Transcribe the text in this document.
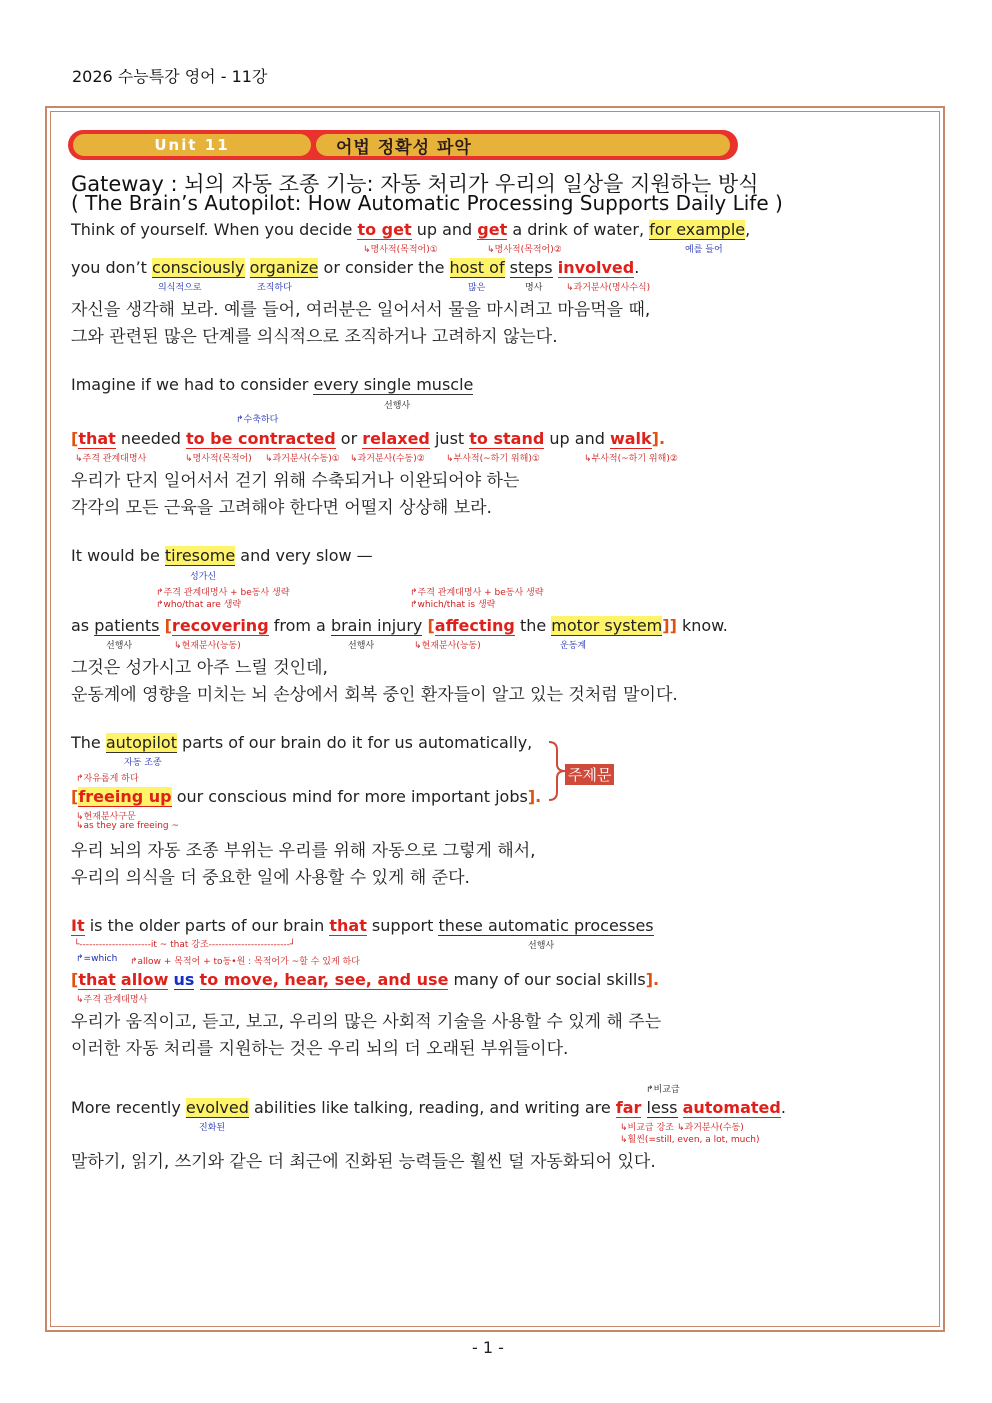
2026 수능특강 영어 - 11강
Unit 11	어법 정확성 파악
Gateway : 뇌의 자동 조종 기능: 자동 처리가 우리의 일상을 지원하는 방식
( The Brain’s Autopilot: How Automatic Processing Supports Daily Life )
Think of yourself. When you decide to get up and get a drink of water, for example,
↳명사적(목적어)①	↳명사적(목적어)②	예를 들어
you don’t consciously organize or consider the host of steps involved.
의식적으로	조직하다	많은	명사	↳과거분사(명사수식)
자신을 생각해 보라. 예를 들어, 여러분은 일어서서 물을 마시려고 마음먹을 때,
그와 관련된 많은 단계를 의식적으로 조직하거나 고려하지 않는다.
Imagine if we had to consider every single muscle
선행사
↱수축하다
[that needed to be contracted or relaxed just to stand up and walk].
↳주격 관계대명사	↳명사적(목적어) ↳과거분사(수동)① ↳과거분사(수동)② ↳부사적(~하기 위해)①	↳부사적(~하기 위해)②
우리가 단지 일어서서 걷기 위해 수축되거나 이완되어야 하는
각각의 모든 근육을 고려해야 한다면 어떨지 상상해 보라.
It would be tiresome and very slow —
성가신
↱주격 관계대명사 + be동사 생략
↱who/that are 생략
↱주격 관계대명사 + be동사 생략
↱which/that is 생략
as patients [recovering from a brain injury [affecting the motor system]] know.
선행사	↳현재분사(능동)	선행사	↳현재분사(능동)	운동계
그것은 성가시고 아주 느릴 것인데,
운동계에 영향을 미치는 뇌 손상에서 회복 중인 환자들이 알고 있는 것처럼 말이다.
The autopilot parts of our brain do it for us automatically,
자동 조종
↱자유롭게 하다
[freeing up our conscious mind for more important jobs].
↳현재분사구문
↳as they are freeing ~
주제문
우리 뇌의 자동 조종 부위는 우리를 위해 자동으로 그렇게 해서,
우리의 의식을 더 중요한 일에 사용할 수 있게 해 준다.
It is the older parts of our brain that support these automatic processes
└----------------------it ~ that 강조-------------------------┘	선행사
↱=which ↱allow + 목적어 + to동•원 : 목적어가 ~할 수 있게 하다
[that allow us to move, hear, see, and use many of our social skills].
↳주격 관계대명사
우리가 움직이고, 듣고, 보고, 우리의 많은 사회적 기술을 사용할 수 있게 해 주는
이러한 자동 처리를 지원하는 것은 우리 뇌의 더 오래된 부위들이다.
↱비교급
More recently evolved abilities like talking, reading, and writing are far less automated.
진화된	↳비교급 강조 ↳과거분사(수동)
↳훨씬(=still, even, a lot, much)
말하기, 읽기, 쓰기와 같은 더 최근에 진화된 능력들은 훨씬 덜 자동화되어 있다.
- 1 -
